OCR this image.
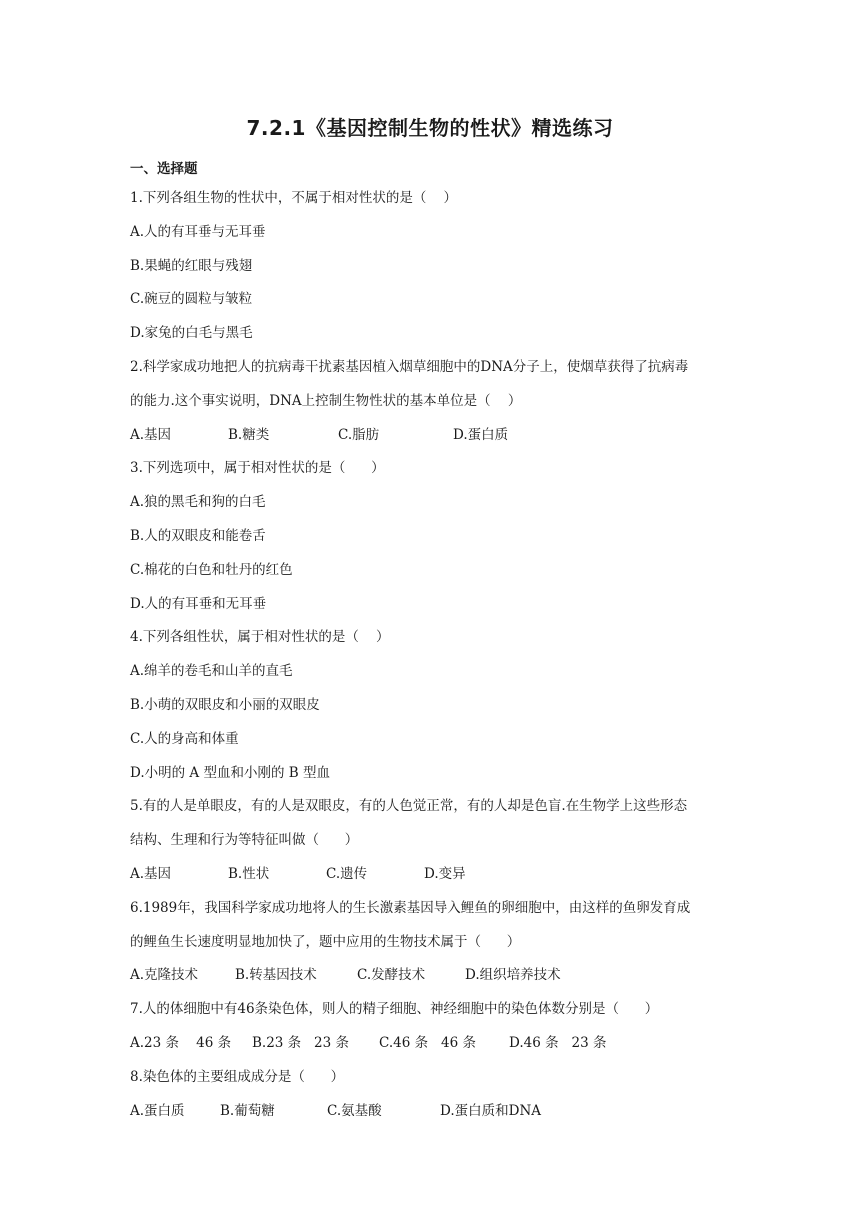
7.2.1《基因控制生物的性状》精选练习
一、选择题
1.下列各组生物的性状中，不属于相对性状的是（    ）
A.人的有耳垂与无耳垂
B.果蝇的红眼与残翅
C.碗豆的圆粒与皱粒
D.家兔的白毛与黑毛
2.科学家成功地把人的抗病毒干扰素基因植入烟草细胞中的DNA分子上，使烟草获得了抗病毒
的能力.这个事实说明，DNA上控制生物性状的基本单位是（    ）
A.基因	B.糖类	C.脂肪	D.蛋白质
3.下列选项中，属于相对性状的是（      ）
A.狼的黑毛和狗的白毛
B.人的双眼皮和能卷舌
C.棉花的白色和牡丹的红色
D.人的有耳垂和无耳垂
4.下列各组性状，属于相对性状的是（    ）
A.绵羊的卷毛和山羊的直毛
B.小萌的双眼皮和小丽的双眼皮
C.人的身高和体重
D.小明的 A 型血和小刚的 B 型血
5.有的人是单眼皮，有的人是双眼皮，有的人色觉正常，有的人却是色盲.在生物学上这些形态
结构、生理和行为等特征叫做（      ）
A.基因	B.性状	C.遗传	D.变异
6.1989年，我国科学家成功地将人的生长激素基因导入鲤鱼的卵细胞中，由这样的鱼卵发育成
的鲤鱼生长速度明显地加快了，题中应用的生物技术属于（      ）
A.克隆技术	B.转基因技术	C.发酵技术	D.组织培养技术
7.人的体细胞中有46条染色体，则人的精子细胞、神经细胞中的染色体数分别是（      ）
A.23 条    46 条	B.23 条   23 条	C.46 条   46 条	D.46 条   23 条
8.染色体的主要组成成分是（      ）
A.蛋白质	B.葡萄糖	C.氨基酸	D.蛋白质和DNA
